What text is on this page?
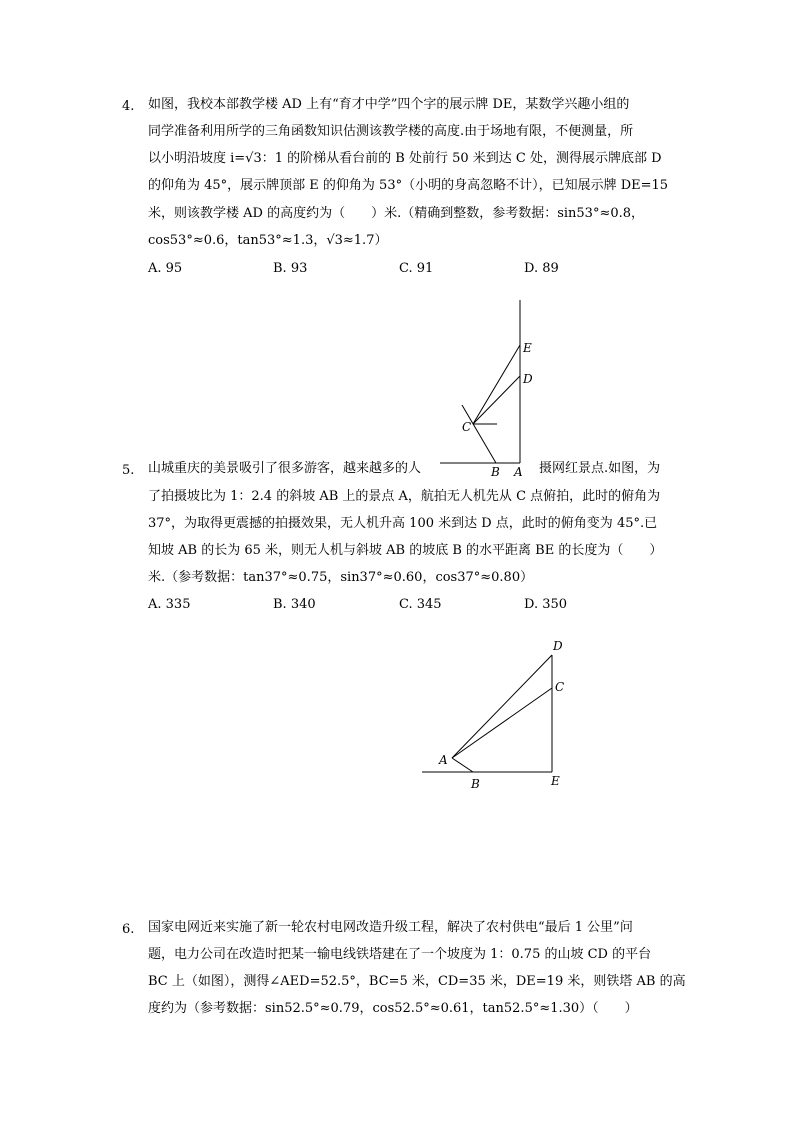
4. 如图，我校本部教学楼 AD 上有“育才中学”四个字的展示牌 DE，某数学兴趣小组的
同学准备利用所学的三角函数知识估测该教学楼的高度.由于场地有限，不便测量，所
以小明沿坡度 i=√3：1 的阶梯从看台前的 B 处前行 50 米到达 C 处，测得展示牌底部 D
的仰角为 45°，展示牌顶部 E 的仰角为 53°（小明的身高忽略不计），已知展示牌 DE=15
米，则该教学楼 AD 的高度约为（　　）米.（精确到整数，参考数据：sin53°≈0.8，
cos53°≈0.6，tan53°≈1.3，√3≈1.7）
A. 95	B. 93	C. 91	D. 89
5. 山城重庆的美景吸引了很多游客，越来越多的人	摄网红景点.如图，为
了拍摄坡比为 1：2.4 的斜坡 AB 上的景点 A，航拍无人机先从 C 点俯拍，此时的俯角为
37°，为取得更震撼的拍摄效果，无人机升高 100 米到达 D 点，此时的俯角变为 45°.已
知坡 AB 的长为 65 米，则无人机与斜坡 AB 的坡底 B 的水平距离 BE 的长度为（　　）
米.（参考数据：tan37°≈0.75，sin37°≈0.60，cos37°≈0.80）
A. 335	B. 340	C. 345	D. 350
6. 国家电网近来实施了新一轮农村电网改造升级工程，解决了农村供电“最后 1 公里”问
题，电力公司在改造时把某一输电线铁塔建在了一个坡度为 1：0.75 的山坡 CD 的平台
BC 上（如图），测得∠AED=52.5°，BC=5 米，CD=35 米，DE=19 米，则铁塔 AB 的高
度约为（参考数据：sin52.5°≈0.79，cos52.5°≈0.61，tan52.5°≈1.30）（　　）
E
D
C
B A
D
C
A
B	E
